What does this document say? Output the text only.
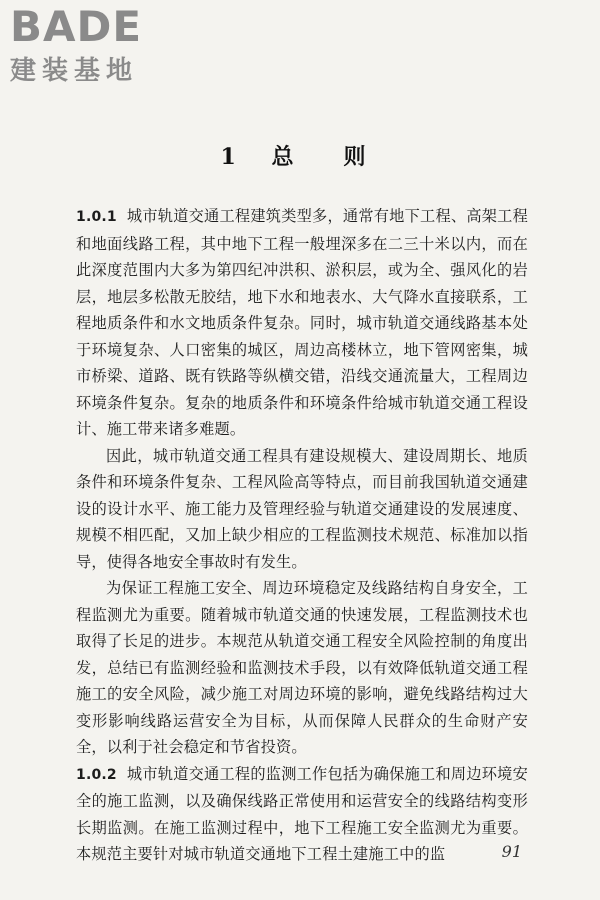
BADE
建装基地
1 总　则

1.0.1 城市轨道交通工程建筑类型多，通常有地下工程、高架工程和地面线路工程，其中地下工程一般埋深多在二三十米以内，而在此深度范围内大多为第四纪冲洪积、淤积层，或为全、强风化的岩层，地层多松散无胶结，地下水和地表水、大气降水直接联系，工程地质条件和水文地质条件复杂。同时，城市轨道交通线路基本处于环境复杂、人口密集的城区，周边高楼林立，地下管网密集，城市桥梁、道路、既有铁路等纵横交错，沿线交通流量大，工程周边环境条件复杂。复杂的地质条件和环境条件给城市轨道交通工程设计、施工带来诸多难题。

因此，城市轨道交通工程具有建设规模大、建设周期长、地质条件和环境条件复杂、工程风险高等特点，而目前我国轨道交通建设的设计水平、施工能力及管理经验与轨道交通建设的发展速度、规模不相匹配，又加上缺少相应的工程监测技术规范、标准加以指导，使得各地安全事故时有发生。

为保证工程施工安全、周边环境稳定及线路结构自身安全，工程监测尤为重要。随着城市轨道交通的快速发展，工程监测技术也取得了长足的进步。本规范从轨道交通工程安全风险控制的角度出发，总结已有监测经验和监测技术手段，以有效降低轨道交通工程施工的安全风险，减少施工对周边环境的影响，避免线路结构过大变形影响线路运营安全为目标，从而保障人民群众的生命财产安全，以利于社会稳定和节省投资。

1.0.2 城市轨道交通工程的监测工作包括为确保施工和周边环境安全的施工监测，以及确保线路正常使用和运营安全的线路结构变形长期监测。在施工监测过程中，地下工程施工安全监测尤为重要。本规范主要针对城市轨道交通地下工程土建施工中的监	91
